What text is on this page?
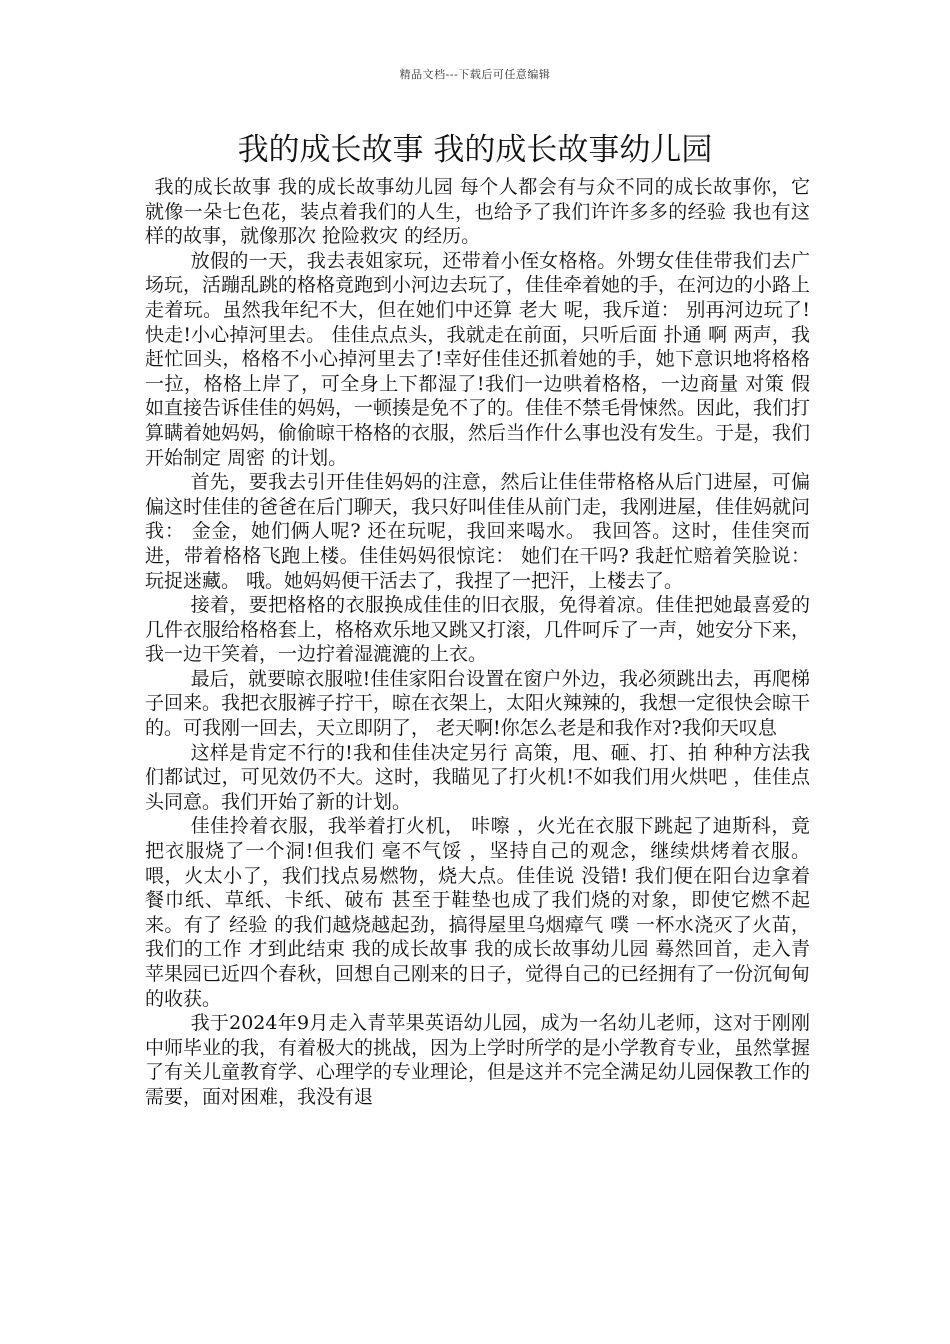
精品文档---下载后可任意编辑
我的成长故事 我的成长故事幼儿园

我的成长故事 我的成长故事幼儿园 每个人都会有与众不同的成长故事你，它就像一朵七色花，装点着我们的人生，也给予了我们许许多多的经验 我也有这样的故事，就像那次 抢险救灾 的经历。

放假的一天，我去表姐家玩，还带着小侄女格格。外甥女佳佳带我们去广场玩，活蹦乱跳的格格竟跑到小河边去玩了，佳佳牵着她的手，在河边的小路上走着玩。虽然我年纪不大，但在她们中还算 老大 呢，我斥道： 别再河边玩了!快走!小心掉河里去。 佳佳点点头，我就走在前面，只听后面 扑通 啊 两声，我赶忙回头，格格不小心掉河里去了!幸好佳佳还抓着她的手，她下意识地将格格一拉，格格上岸了，可全身上下都湿了!我们一边哄着格格，一边商量 对策 假如直接告诉佳佳的妈妈，一顿揍是免不了的。佳佳不禁毛骨悚然。因此，我们打算瞒着她妈妈，偷偷晾干格格的衣服，然后当作什么事也没有发生。于是，我们开始制定 周密 的计划。

首先，要我去引开佳佳妈妈的注意，然后让佳佳带格格从后门进屋，可偏偏这时佳佳的爸爸在后门聊天，我只好叫佳佳从前门走，我刚进屋，佳佳妈就问我： 金金，她们俩人呢? 还在玩呢，我回来喝水。 我回答。这时，佳佳突而进，带着格格飞跑上楼。佳佳妈妈很惊诧： 她们在干吗? 我赶忙赔着笑脸说： 玩捉迷藏。 哦。她妈妈便干活去了，我捏了一把汗，上楼去了。

接着，要把格格的衣服换成佳佳的旧衣服，免得着凉。佳佳把她最喜爱的几件衣服给格格套上，格格欢乐地又跳又打滚，几件呵斥了一声，她安分下来，我一边干笑着，一边拧着湿漉漉的上衣。

最后，就要晾衣服啦!佳佳家阳台设置在窗户外边，我必须跳出去，再爬梯子回来。我把衣服裤子拧干，晾在衣架上，太阳火辣辣的，我想一定很快会晾干的。可我刚一回去，天立即阴了， 老天啊!你怎么老是和我作对?我仰天叹息

这样是肯定不行的!我和佳佳决定另行 高策，甩、砸、打、拍 种种方法我们都试过，可见效仍不大。这时，我瞄见了打火机!不如我们用火烘吧 ，佳佳点头同意。我们开始了新的计划。

佳佳拎着衣服，我举着打火机， 咔嚓 ，火光在衣服下跳起了迪斯科，竟把衣服烧了一个洞!但我们 毫不气馁 ，坚持自己的观念，继续烘烤着衣服。 喂，火太小了，我们找点易燃物，烧大点。佳佳说 没错! 我们便在阳台边拿着餐巾纸、草纸、卡纸、破布 甚至于鞋垫也成了我们烧的对象，即使它燃不起来。有了 经验 的我们越烧越起劲，搞得屋里乌烟瘴气 噗 一杯水浇灭了火苗，我们的工作 才到此结束 我的成长故事 我的成长故事幼儿园 蓦然回首，走入青苹果园已近四个春秋，回想自己刚来的日子，觉得自己的已经拥有了一份沉甸甸的收获。

我于2024年9月走入青苹果英语幼儿园，成为一名幼儿老师，这对于刚刚中师毕业的我，有着极大的挑战，因为上学时所学的是小学教育专业，虽然掌握了有关儿童教育学、心理学的专业理论，但是这并不完全满足幼儿园保教工作的需要，面对困难，我没有退
